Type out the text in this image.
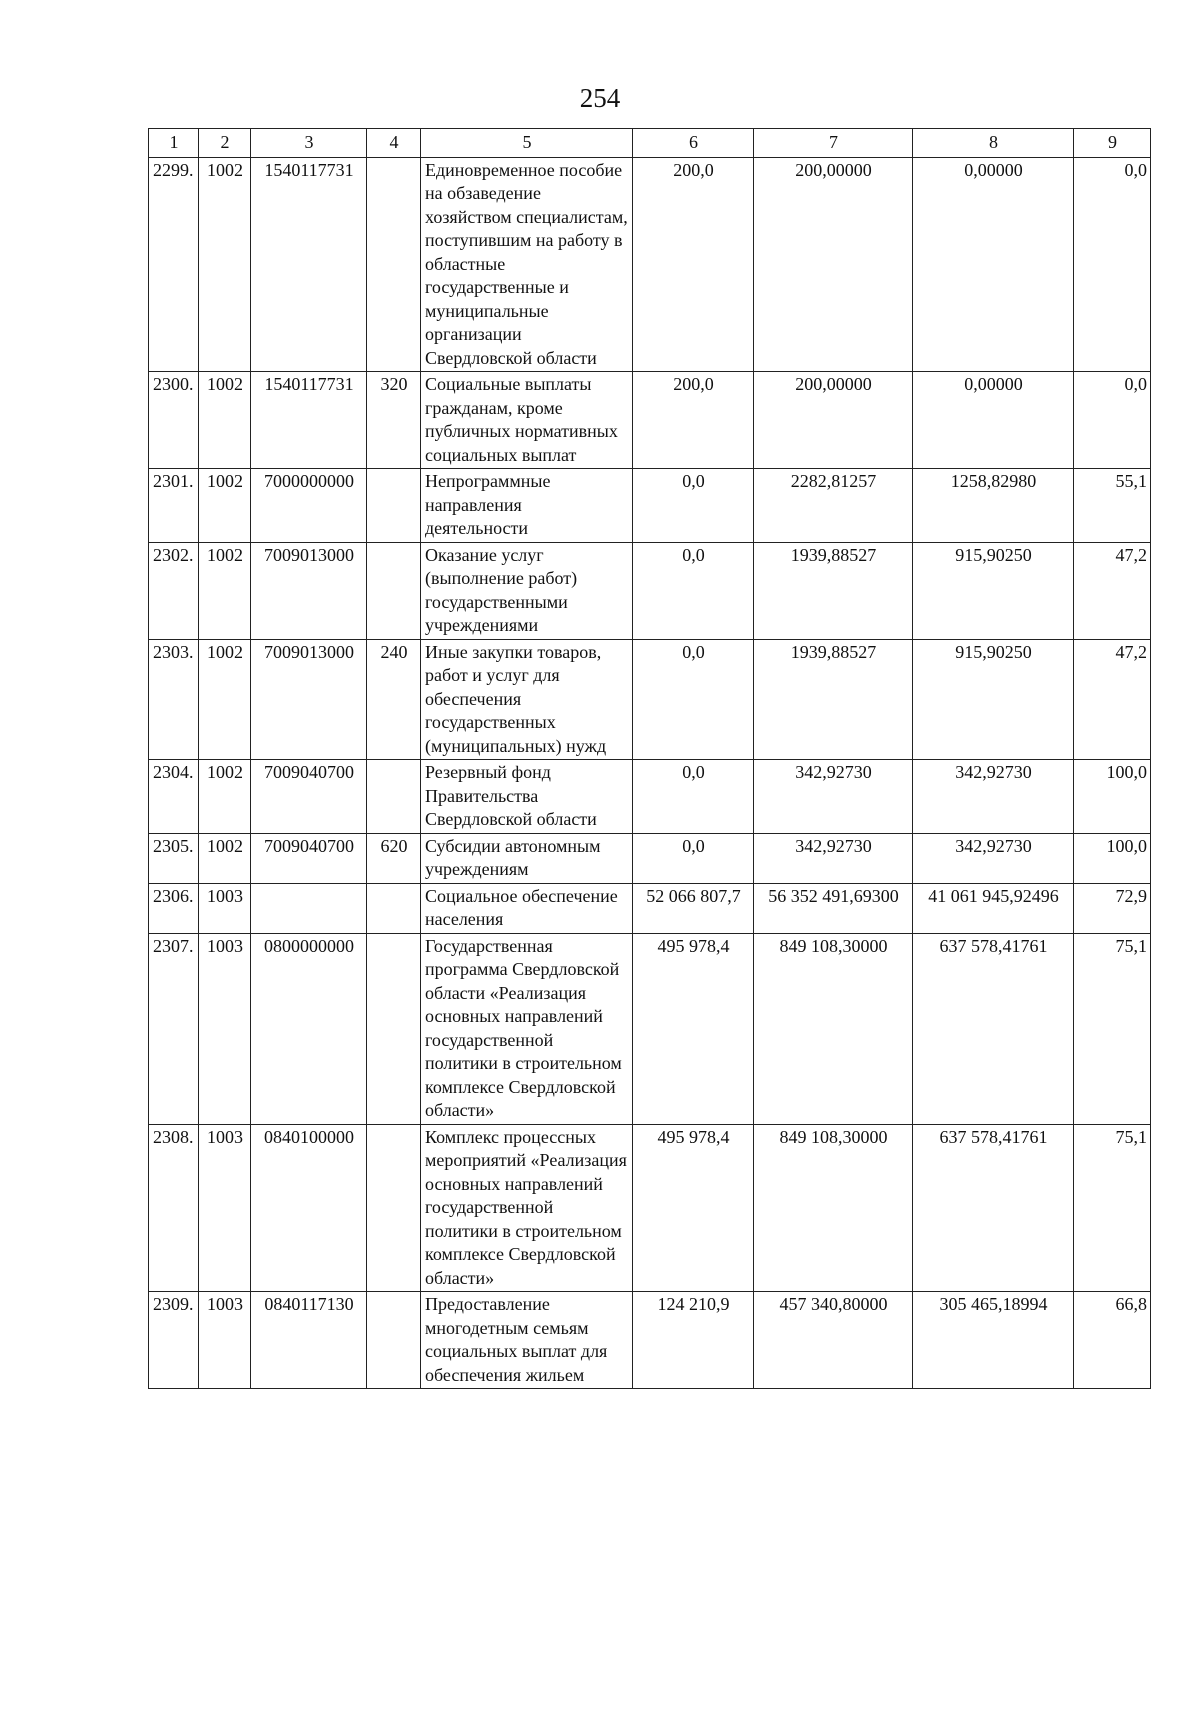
254
1	2	3	4	5	6	7	8	9
2299.	1002	1540117731		Единовременное пособие на обзаведение хозяйством специалистам, поступившим на работу в областные государственные и муниципальные организации Свердловской области	200,0	200,00000	0,00000	0,0
2300.	1002	1540117731	320	Социальные выплаты гражданам, кроме публичных нормативных социальных выплат	200,0	200,00000	0,00000	0,0
2301.	1002	7000000000		Непрограммные направления деятельности	0,0	2282,81257	1258,82980	55,1
2302.	1002	7009013000		Оказание услуг (выполнение работ) государственными учреждениями	0,0	1939,88527	915,90250	47,2
2303.	1002	7009013000	240	Иные закупки товаров, работ и услуг для обеспечения государственных (муниципальных) нужд	0,0	1939,88527	915,90250	47,2
2304.	1002	7009040700		Резервный фонд Правительства Свердловской области	0,0	342,92730	342,92730	100,0
2305.	1002	7009040700	620	Субсидии автономным учреждениям	0,0	342,92730	342,92730	100,0
2306.	1003			Социальное обеспечение населения	52 066 807,7	56 352 491,69300	41 061 945,92496	72,9
2307.	1003	0800000000		Государственная программа Свердловской области «Реализация основных направлений государственной политики в строительном комплексе Свердловской области»	495 978,4	849 108,30000	637 578,41761	75,1
2308.	1003	0840100000		Комплекс процессных мероприятий «Реализация основных направлений государственной политики в строительном комплексе Свердловской области»	495 978,4	849 108,30000	637 578,41761	75,1
2309.	1003	0840117130		Предоставление многодетным семьям социальных выплат для обеспечения жильем	124 210,9	457 340,80000	305 465,18994	66,8
